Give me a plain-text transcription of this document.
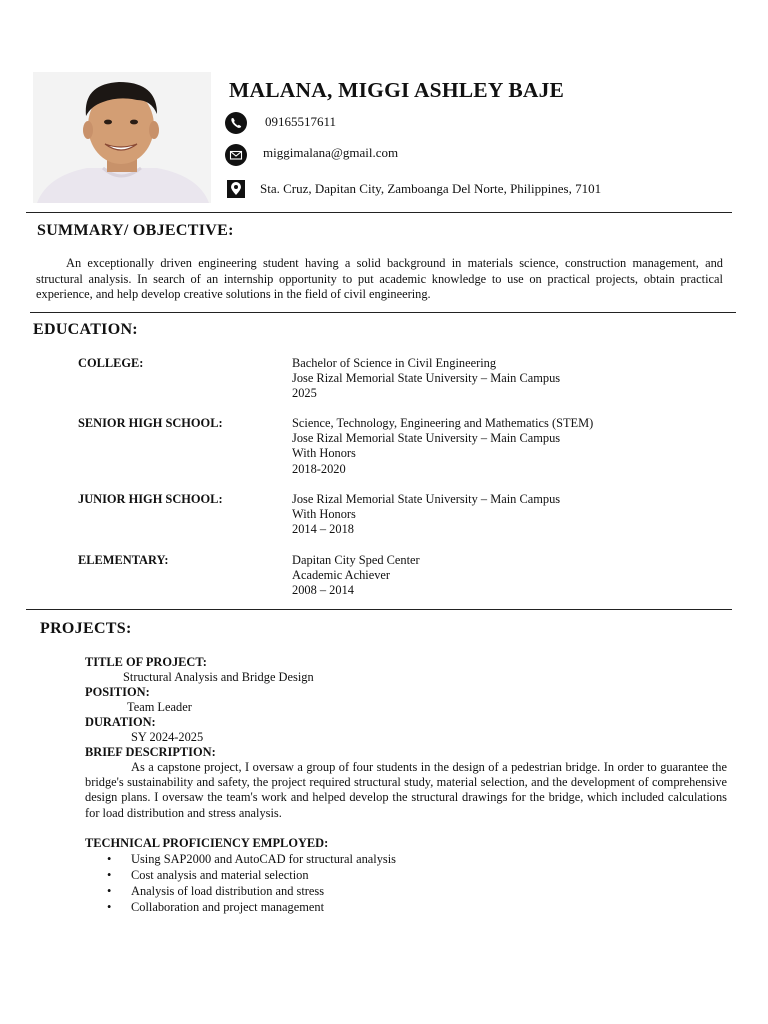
MALANA, MIGGI ASHLEY BAJE
09165517611
miggimalana@gmail.com
Sta. Cruz, Dapitan City, Zamboanga Del Norte, Philippines, 7101
SUMMARY/ OBJECTIVE:

An exceptionally driven engineering student having a solid background in materials science, construction management, and structural analysis. In search of an internship opportunity to put academic knowledge to use on practical projects, obtain practical experience, and help develop creative solutions in the field of civil engineering.

EDUCATION:
COLLEGE:	Bachelor of Science in Civil Engineering
Jose Rizal Memorial State University – Main Campus
2025
SENIOR HIGH SCHOOL:	Science, Technology, Engineering and Mathematics (STEM)
Jose Rizal Memorial State University – Main Campus
With Honors
2018-2020
JUNIOR HIGH SCHOOL:	Jose Rizal Memorial State University – Main Campus
With Honors
2014 – 2018
ELEMENTARY:	Dapitan City Sped Center
Academic Achiever
2008 – 2014
PROJECTS:
TITLE OF PROJECT:
Structural Analysis and Bridge Design
POSITION:
Team Leader
DURATION:
SY 2024-2025
BRIEF DESCRIPTION:

As a capstone project, I oversaw a group of four students in the design of a pedestrian bridge. In order to guarantee the bridge's sustainability and safety, the project required structural study, material selection, and the development of comprehensive design plans. I oversaw the team's work and helped develop the structural drawings for the bridge, which included calculations for load distribution and stress analysis.

TECHNICAL PROFICIENCY EMPLOYED:
• Using SAP2000 and AutoCAD for structural analysis
• Cost analysis and material selection
• Analysis of load distribution and stress
• Collaboration and project management
